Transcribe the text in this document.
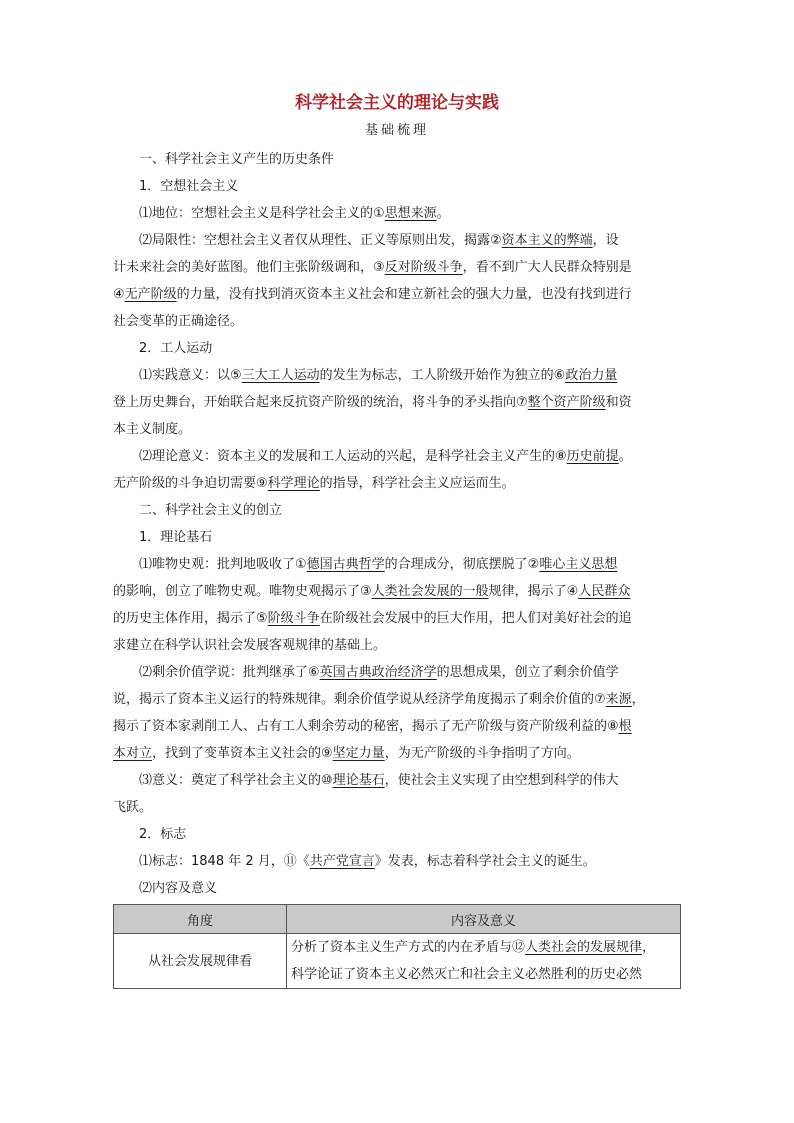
科学社会主义的理论与实践
基础梳理
一、科学社会主义产生的历史条件
1．空想社会主义
⑴地位：空想社会主义是科学社会主义的①思想来源。
⑵局限性：空想社会主义者仅从理性、正义等原则出发，揭露②资本主义的弊端，设
计未来社会的美好蓝图。他们主张阶级调和，③反对阶级斗争，看不到广大人民群众特别是
④无产阶级的力量，没有找到消灭资本主义社会和建立新社会的强大力量，也没有找到进行
社会变革的正确途径。
2．工人运动
⑴实践意义：以⑤三大工人运动的发生为标志，工人阶级开始作为独立的⑥政治力量
登上历史舞台，开始联合起来反抗资产阶级的统治，将斗争的矛头指向⑦整个资产阶级和资
本主义制度。
⑵理论意义：资本主义的发展和工人运动的兴起，是科学社会主义产生的⑧历史前提。
无产阶级的斗争迫切需要⑨科学理论的指导，科学社会主义应运而生。
二、科学社会主义的创立
1．理论基石
⑴唯物史观：批判地吸收了①德国古典哲学的合理成分，彻底摆脱了②唯心主义思想
的影响，创立了唯物史观。唯物史观揭示了③人类社会发展的一般规律，揭示了④人民群众
的历史主体作用，揭示了⑤阶级斗争在阶级社会发展中的巨大作用，把人们对美好社会的追
求建立在科学认识社会发展客观规律的基础上。
⑵剩余价值学说：批判继承了⑥英国古典政治经济学的思想成果，创立了剩余价值学
说，揭示了资本主义运行的特殊规律。剩余价值学说从经济学角度揭示了剩余价值的⑦来源，
揭示了资本家剥削工人、占有工人剩余劳动的秘密，揭示了无产阶级与资产阶级利益的⑧根
本对立，找到了变革资本主义社会的⑨坚定力量，为无产阶级的斗争指明了方向。
⑶意义：奠定了科学社会主义的⑩理论基石，使社会主义实现了由空想到科学的伟大
飞跃。
2．标志
⑴标志：1848 年 2 月，⑪《共产党宣言》发表，标志着科学社会主义的诞生。
⑵内容及意义
角度	内容及意义
从社会发展规律看	分析了资本主义生产方式的内在矛盾与⑫人类社会的发展规律，
科学论证了资本主义必然灭亡和社会主义必然胜利的历史必然
